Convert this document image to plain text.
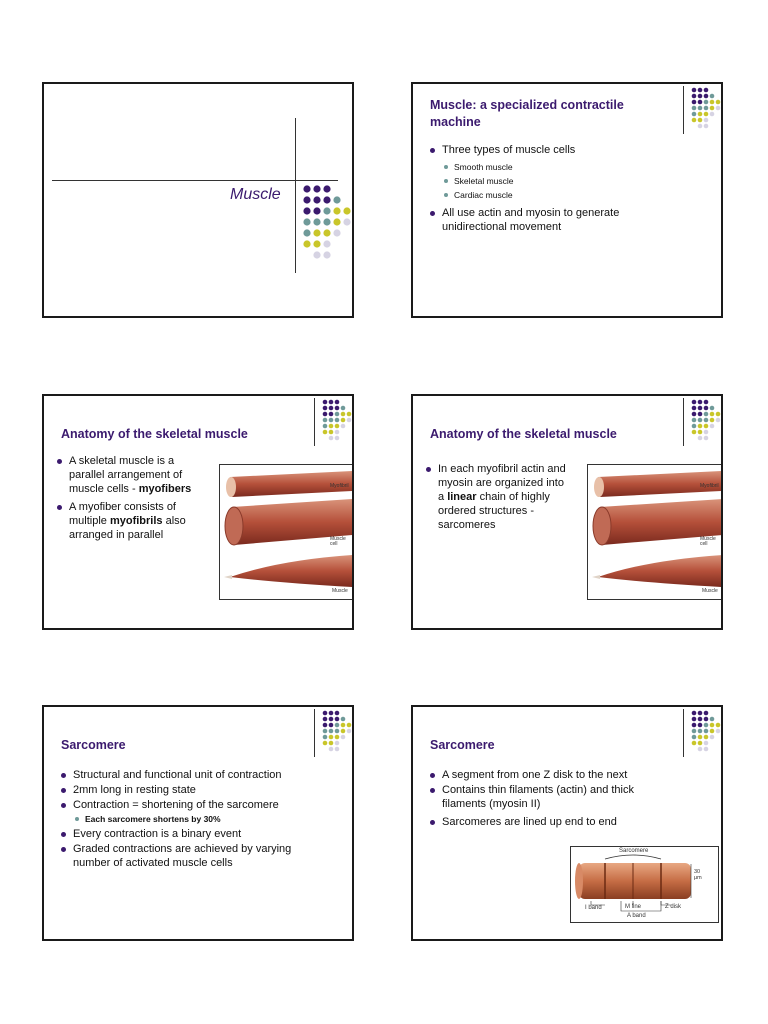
Muscle
Muscle: a specialized contractile
machine
Three types of muscle cells
Smooth muscle
Skeletal muscle
Cardiac muscle
All use actin and myosin to generate
unidirectional movement
Anatomy of the skeletal muscle
A skeletal muscle is a
parallel arrangement of
muscle cells - myofibers
A myofiber consists of
multiple myofibrils also
arranged in parallel
Myofibril
Muscle
cell
Muscle
Anatomy of the skeletal muscle
In each myofibril actin and
myosin are organized into
a linear chain of highly
ordered structures -
sarcomeres
Myofibril
Muscle
cell
Muscle
Sarcomere
Structural and functional unit of contraction
2mm long in resting state
Contraction = shortening of the sarcomere
Each sarcomere shortens by 30%
Every contraction is a binary event
Graded contractions are achieved by varying
number of activated muscle cells
Sarcomere
A segment from one Z disk to the next
Contains thin filaments (actin) and thick
filaments (myosin II)
Sarcomeres are lined up end to end
Sarcomere
30
μm
I band	M line	Z disk
A band
